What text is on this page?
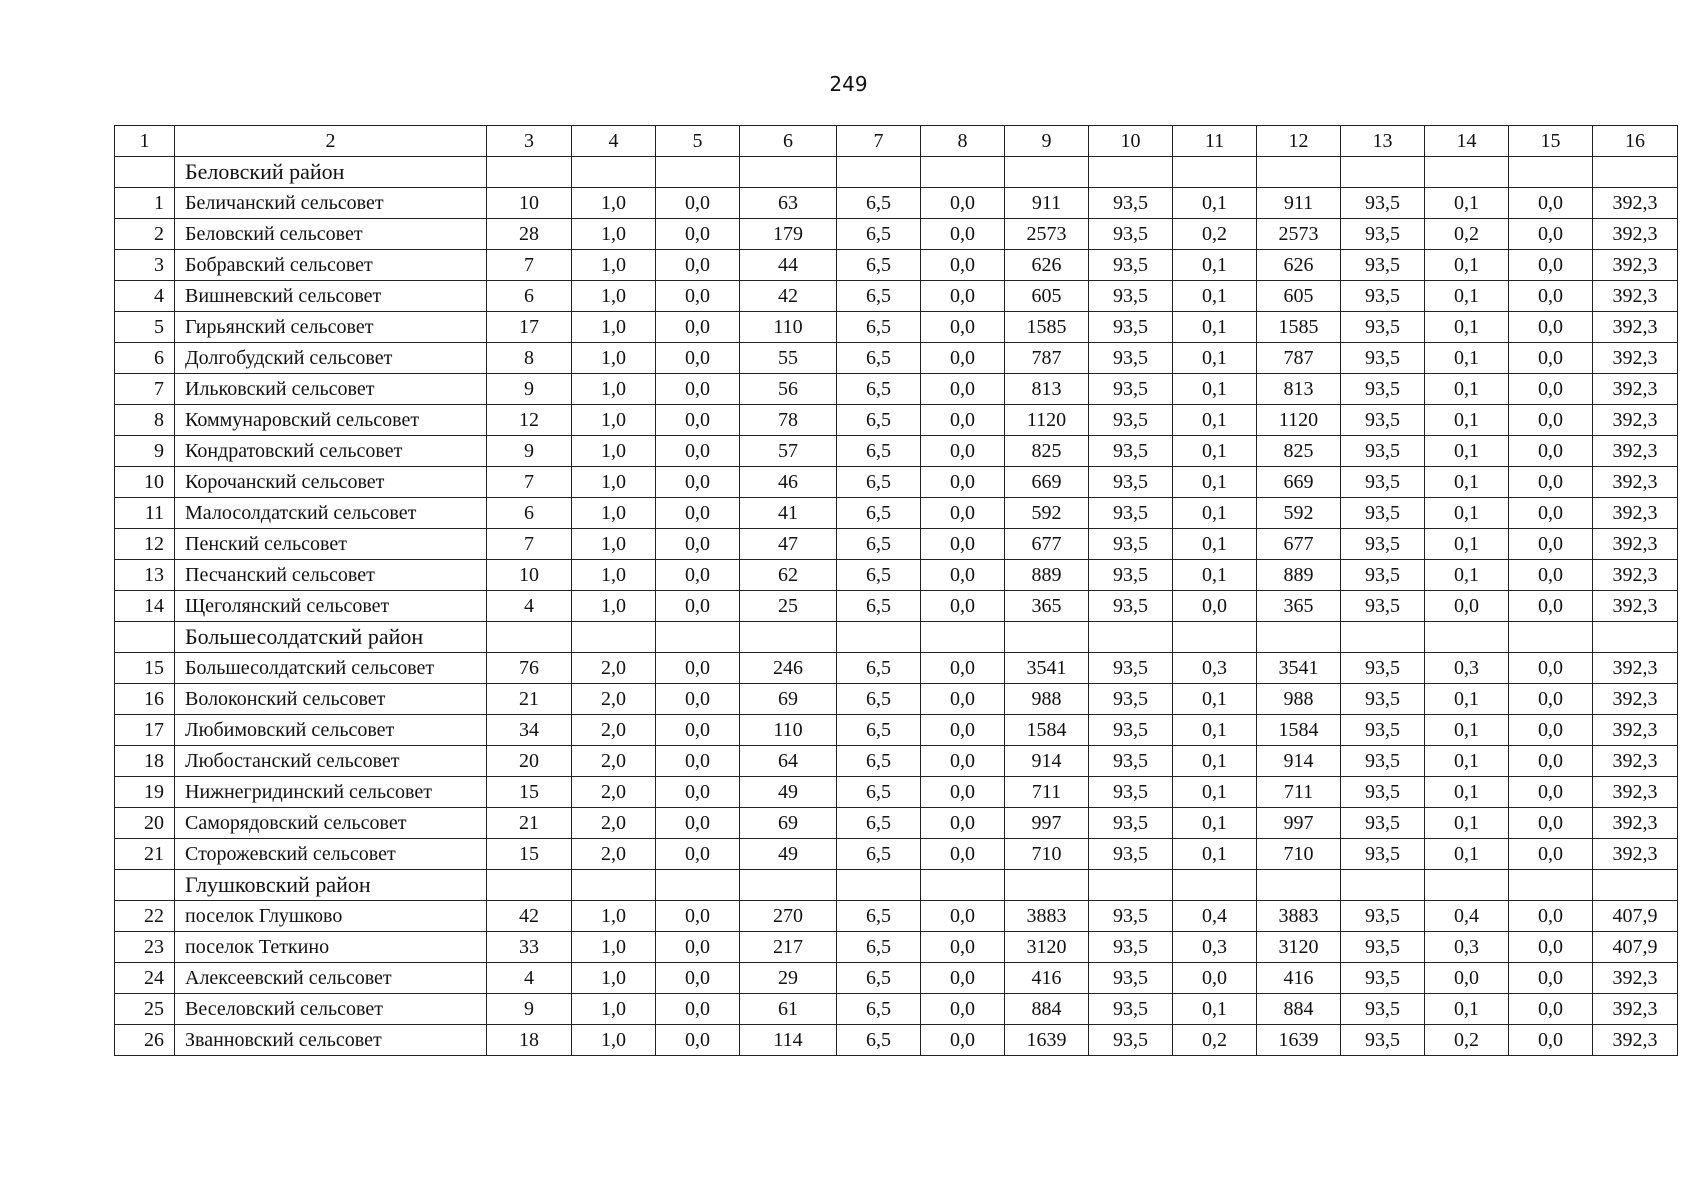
249
1	2	3	4	5	6	7	8	9	10	11	12	13	14	15	16
	Беловский район														
1	Беличанский сельсовет	10	1,0	0,0	63	6,5	0,0	911	93,5	0,1	911	93,5	0,1	0,0	392,3
2	Беловский сельсовет	28	1,0	0,0	179	6,5	0,0	2573	93,5	0,2	2573	93,5	0,2	0,0	392,3
3	Бобравский сельсовет	7	1,0	0,0	44	6,5	0,0	626	93,5	0,1	626	93,5	0,1	0,0	392,3
4	Вишневский сельсовет	6	1,0	0,0	42	6,5	0,0	605	93,5	0,1	605	93,5	0,1	0,0	392,3
5	Гирьянский сельсовет	17	1,0	0,0	110	6,5	0,0	1585	93,5	0,1	1585	93,5	0,1	0,0	392,3
6	Долгобудский сельсовет	8	1,0	0,0	55	6,5	0,0	787	93,5	0,1	787	93,5	0,1	0,0	392,3
7	Ильковский сельсовет	9	1,0	0,0	56	6,5	0,0	813	93,5	0,1	813	93,5	0,1	0,0	392,3
8	Коммунаровский сельсовет	12	1,0	0,0	78	6,5	0,0	1120	93,5	0,1	1120	93,5	0,1	0,0	392,3
9	Кондратовский сельсовет	9	1,0	0,0	57	6,5	0,0	825	93,5	0,1	825	93,5	0,1	0,0	392,3
10	Корочанский сельсовет	7	1,0	0,0	46	6,5	0,0	669	93,5	0,1	669	93,5	0,1	0,0	392,3
11	Малосолдатский сельсовет	6	1,0	0,0	41	6,5	0,0	592	93,5	0,1	592	93,5	0,1	0,0	392,3
12	Пенский сельсовет	7	1,0	0,0	47	6,5	0,0	677	93,5	0,1	677	93,5	0,1	0,0	392,3
13	Песчанский сельсовет	10	1,0	0,0	62	6,5	0,0	889	93,5	0,1	889	93,5	0,1	0,0	392,3
14	Щеголянский сельсовет	4	1,0	0,0	25	6,5	0,0	365	93,5	0,0	365	93,5	0,0	0,0	392,3
	Большесолдатский район														
15	Большесолдатский сельсовет	76	2,0	0,0	246	6,5	0,0	3541	93,5	0,3	3541	93,5	0,3	0,0	392,3
16	Волоконский сельсовет	21	2,0	0,0	69	6,5	0,0	988	93,5	0,1	988	93,5	0,1	0,0	392,3
17	Любимовский сельсовет	34	2,0	0,0	110	6,5	0,0	1584	93,5	0,1	1584	93,5	0,1	0,0	392,3
18	Любостанский сельсовет	20	2,0	0,0	64	6,5	0,0	914	93,5	0,1	914	93,5	0,1	0,0	392,3
19	Нижнегридинский сельсовет	15	2,0	0,0	49	6,5	0,0	711	93,5	0,1	711	93,5	0,1	0,0	392,3
20	Саморядовский сельсовет	21	2,0	0,0	69	6,5	0,0	997	93,5	0,1	997	93,5	0,1	0,0	392,3
21	Сторожевский сельсовет	15	2,0	0,0	49	6,5	0,0	710	93,5	0,1	710	93,5	0,1	0,0	392,3
	Глушковский район														
22	поселок Глушково	42	1,0	0,0	270	6,5	0,0	3883	93,5	0,4	3883	93,5	0,4	0,0	407,9
23	поселок Теткино	33	1,0	0,0	217	6,5	0,0	3120	93,5	0,3	3120	93,5	0,3	0,0	407,9
24	Алексеевский сельсовет	4	1,0	0,0	29	6,5	0,0	416	93,5	0,0	416	93,5	0,0	0,0	392,3
25	Веселовский сельсовет	9	1,0	0,0	61	6,5	0,0	884	93,5	0,1	884	93,5	0,1	0,0	392,3
26	Званновский сельсовет	18	1,0	0,0	114	6,5	0,0	1639	93,5	0,2	1639	93,5	0,2	0,0	392,3
